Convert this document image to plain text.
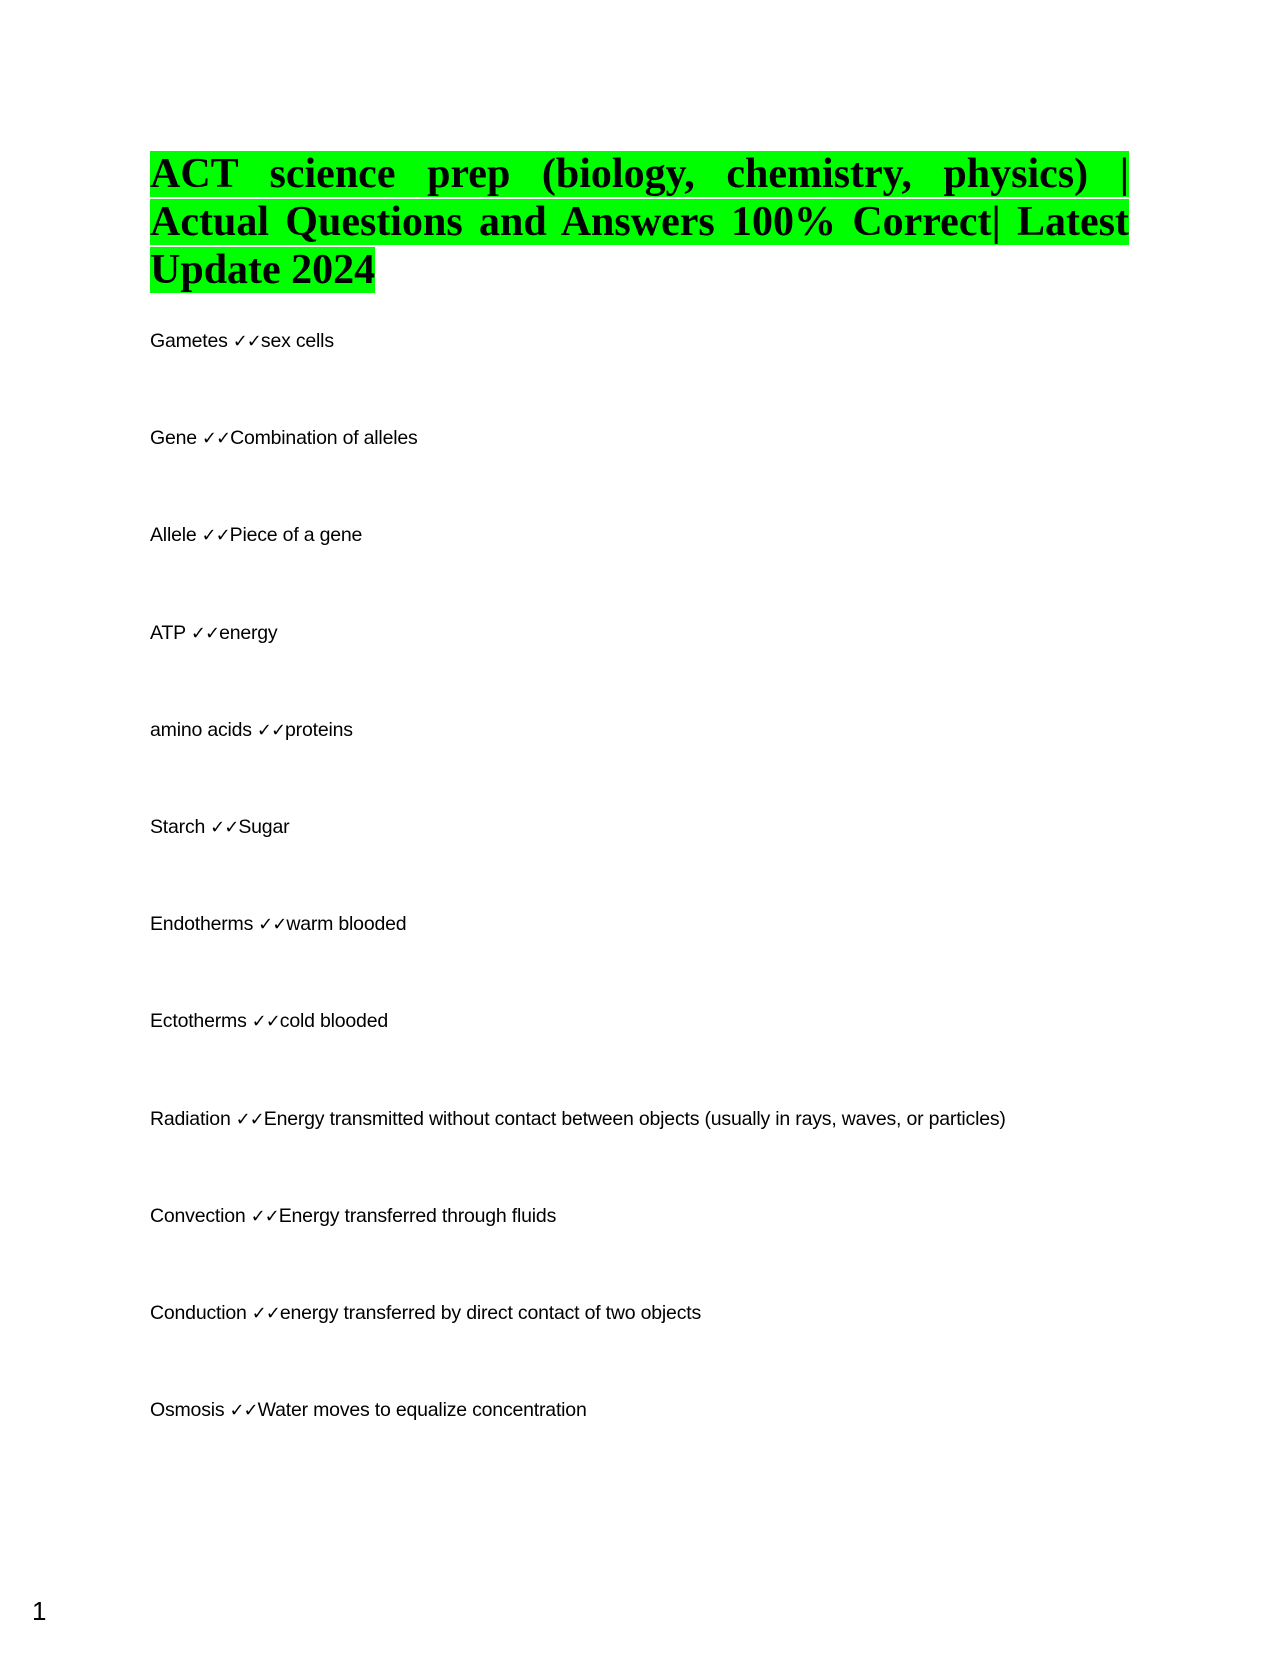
ACT science prep (biology, chemistry, physics) | Actual Questions and Answers 100% Correct| Latest Update 2024
Gametes ✓✓sex cells
Gene ✓✓Combination of alleles
Allele ✓✓Piece of a gene
ATP ✓✓energy
amino acids ✓✓proteins
Starch ✓✓Sugar
Endotherms ✓✓warm blooded
Ectotherms ✓✓cold blooded
Radiation ✓✓Energy transmitted without contact between objects (usually in rays, waves, or particles)
Convection ✓✓Energy transferred through fluids
Conduction ✓✓energy transferred by direct contact of two objects
Osmosis ✓✓Water moves to equalize concentration
1
